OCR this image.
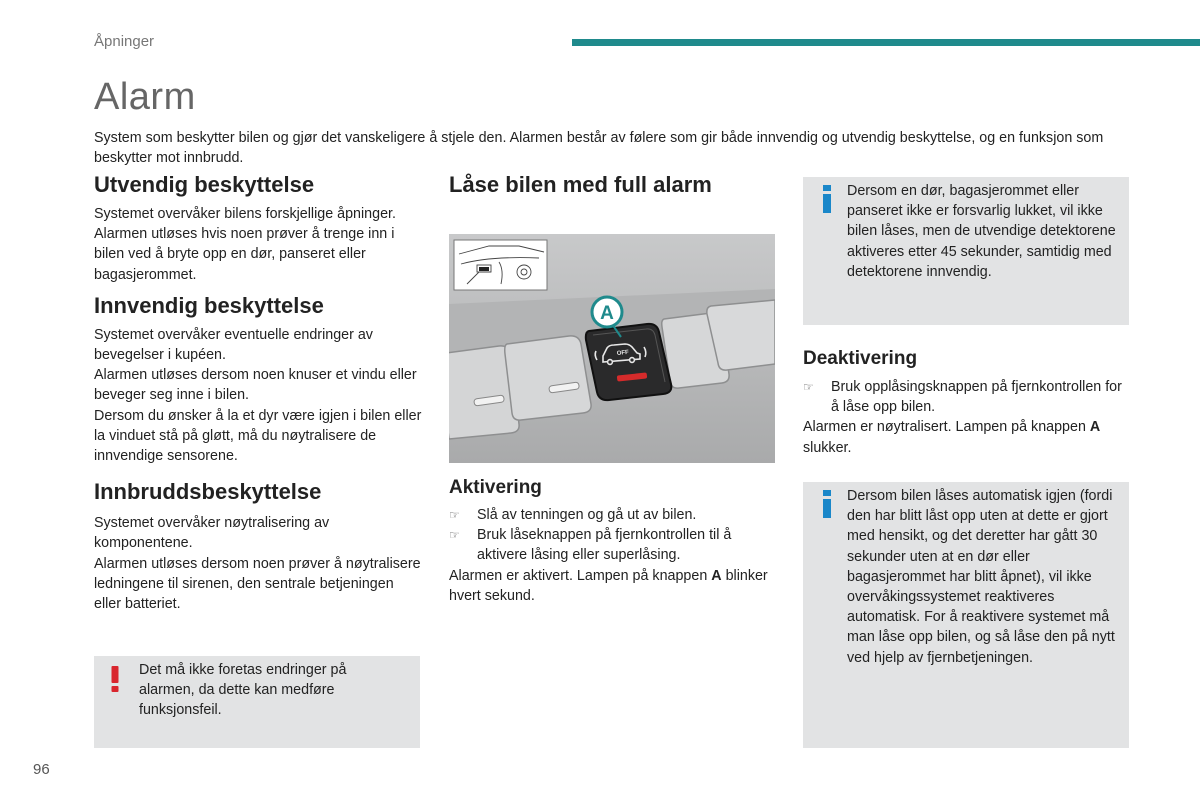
Åpninger
Alarm
System som beskytter bilen og gjør det vanskeligere å stjele den. Alarmen består av følere som gir både innvendig og utvendig beskyttelse, og en funksjon som beskytter mot innbrudd.
Utvendig beskyttelse
Systemet overvåker bilens forskjellige åpninger.
Alarmen utløses hvis noen prøver å trenge inn i bilen ved å bryte opp en dør, panseret eller bagasjerommet.
Innvendig beskyttelse
Systemet overvåker eventuelle endringer av bevegelser i kupéen.
Alarmen utløses dersom noen knuser et vindu eller beveger seg inne i bilen.
Dersom du ønsker å la et dyr være igjen i bilen eller la vinduet stå på gløtt, må du nøytralisere de innvendige sensorene.
Innbruddsbeskyttelse
Systemet overvåker nøytralisering av komponentene.
Alarmen utløses dersom noen prøver å nøytralisere ledningene til sirenen, den sentrale betjeningen eller batteriet.
Det må ikke foretas endringer på alarmen, da dette kan medføre funksjonsfeil.
Låse bilen med full alarm
OFF
A
Aktivering
☞ Slå av tenningen og gå ut av bilen.
☞ Bruk låseknappen på fjernkontrollen til å aktivere låsing eller superlåsing.
Alarmen er aktivert. Lampen på knappen A blinker hvert sekund.
Dersom en dør, bagasjerommet eller panseret ikke er forsvarlig lukket, vil ikke bilen låses, men de utvendige detektorene aktiveres etter 45 sekunder, samtidig med detektorene innvendig.
Deaktivering
☞ Bruk opplåsingsknappen på fjernkontrollen for å låse opp bilen.
Alarmen er nøytralisert. Lampen på knappen A slukker.
Dersom bilen låses automatisk igjen (fordi den har blitt låst opp uten at dette er gjort med hensikt, og det deretter har gått 30 sekunder uten at en dør eller bagasjerommet har blitt åpnet), vil ikke overvåkingssystemet reaktiveres automatisk. For å reaktivere systemet må man låse opp bilen, og så låse den på nytt ved hjelp av fjernbetjeningen.
96
